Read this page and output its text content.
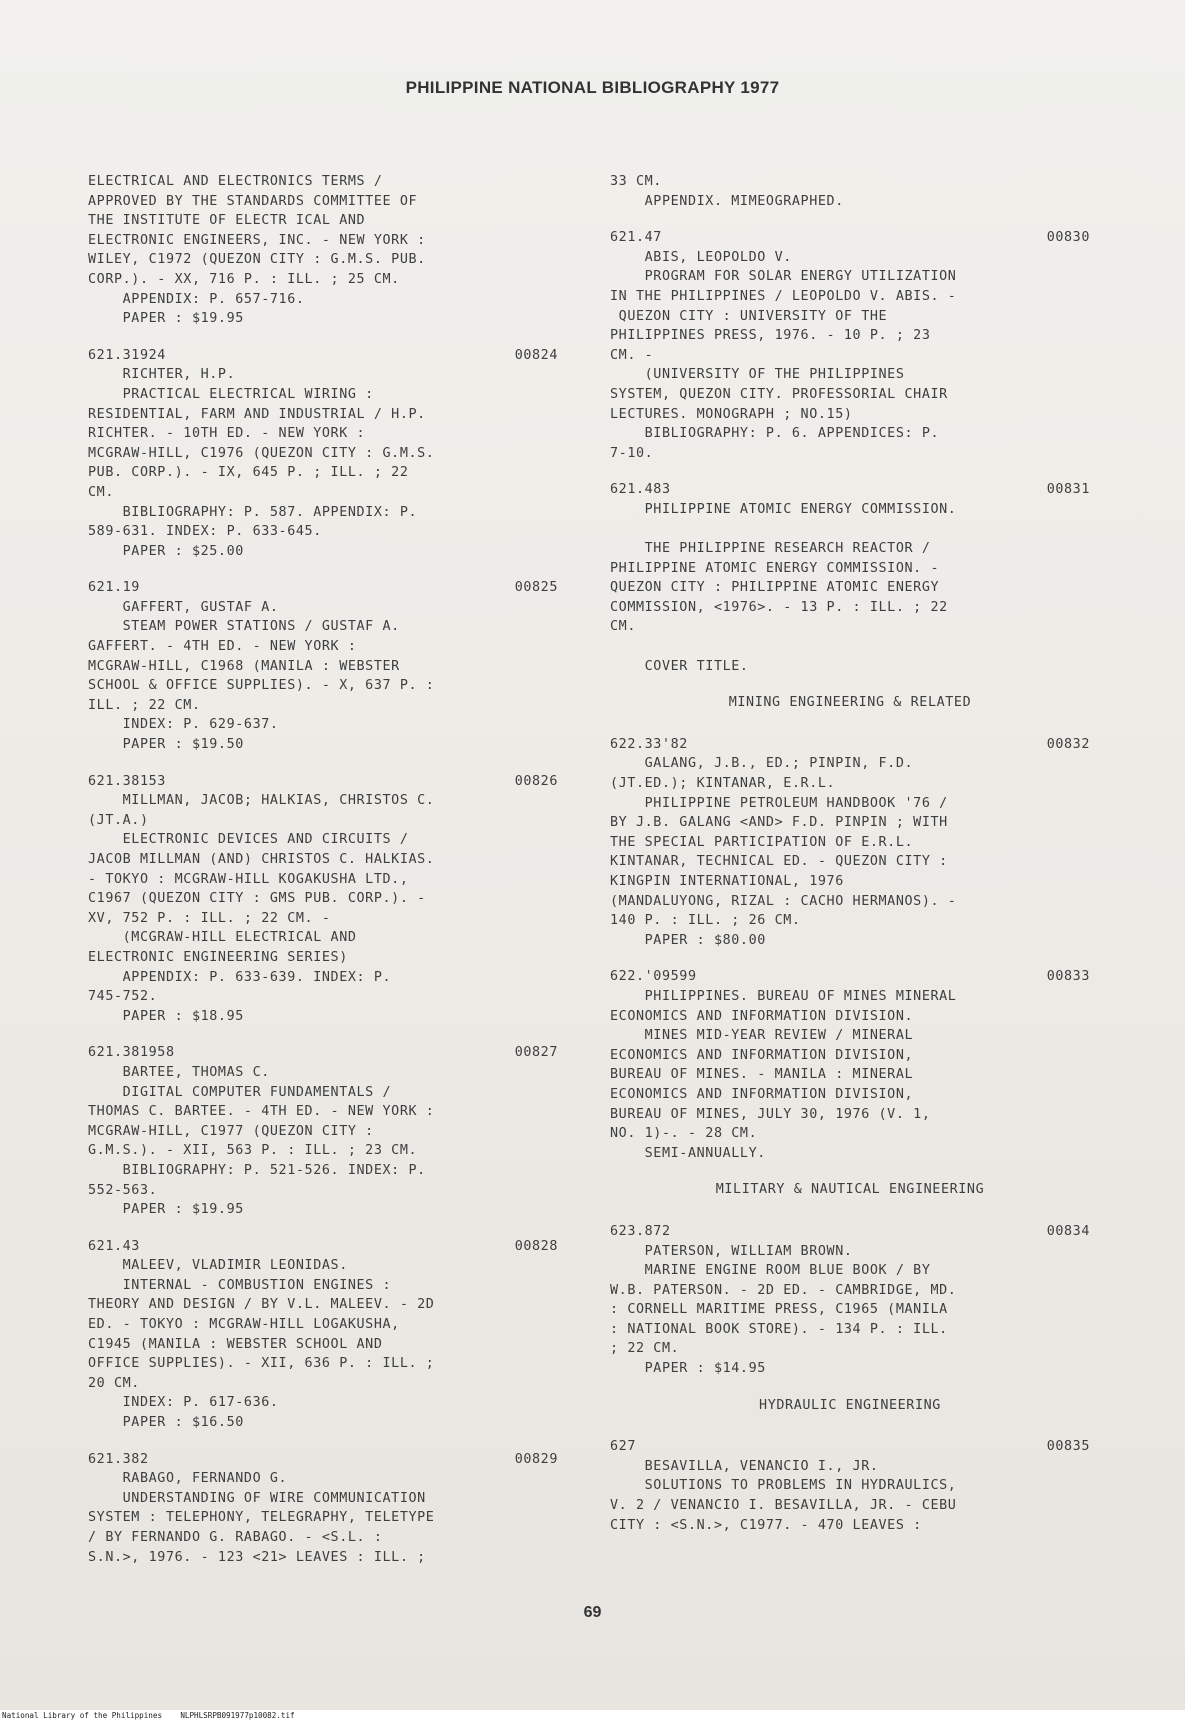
PHILIPPINE NATIONAL BIBLIOGRAPHY 1977
ELECTRICAL AND ELECTRONICS TERMS /
APPROVED BY THE STANDARDS COMMITTEE OF
THE INSTITUTE OF ELECTR ICAL AND
ELECTRONIC ENGINEERS, INC. - NEW YORK :
WILEY, C1972 (QUEZON CITY : G.M.S. PUB.
CORP.). - XX, 716 P. : ILL. ; 25 CM.
APPENDIX: P. 657-716.
PAPER : $19.95
621.31924	00824
RICHTER, H.P.
PRACTICAL ELECTRICAL WIRING :
RESIDENTIAL, FARM AND INDUSTRIAL / H.P.
RICHTER. - 10TH ED. - NEW YORK :
MCGRAW-HILL, C1976 (QUEZON CITY : G.M.S.
PUB. CORP.). - IX, 645 P. ; ILL. ; 22
CM.
BIBLIOGRAPHY: P. 587. APPENDIX: P.
589-631. INDEX: P. 633-645.
PAPER : $25.00
621.19	00825
GAFFERT, GUSTAF A.
STEAM POWER STATIONS / GUSTAF A.
GAFFERT. - 4TH ED. - NEW YORK :
MCGRAW-HILL, C1968 (MANILA : WEBSTER
SCHOOL & OFFICE SUPPLIES). - X, 637 P. :
ILL. ; 22 CM.
INDEX: P. 629-637.
PAPER : $19.50
621.38153	00826
MILLMAN, JACOB; HALKIAS, CHRISTOS C.
(JT.A.)
ELECTRONIC DEVICES AND CIRCUITS /
JACOB MILLMAN (AND) CHRISTOS C. HALKIAS.
- TOKYO : MCGRAW-HILL KOGAKUSHA LTD.,
C1967 (QUEZON CITY : GMS PUB. CORP.). -
XV, 752 P. : ILL. ; 22 CM. -
(MCGRAW-HILL ELECTRICAL AND
ELECTRONIC ENGINEERING SERIES)
APPENDIX: P. 633-639. INDEX: P.
745-752.
PAPER : $18.95
621.381958	00827
BARTEE, THOMAS C.
DIGITAL COMPUTER FUNDAMENTALS /
THOMAS C. BARTEE. - 4TH ED. - NEW YORK :
MCGRAW-HILL, C1977 (QUEZON CITY :
G.M.S.). - XII, 563 P. : ILL. ; 23 CM.
BIBLIOGRAPHY: P. 521-526. INDEX: P.
552-563.
PAPER : $19.95
621.43	00828
MALEEV, VLADIMIR LEONIDAS.
INTERNAL - COMBUSTION ENGINES :
THEORY AND DESIGN / BY V.L. MALEEV. - 2D
ED. - TOKYO : MCGRAW-HILL LOGAKUSHA,
C1945 (MANILA : WEBSTER SCHOOL AND
OFFICE SUPPLIES). - XII, 636 P. : ILL. ;
20 CM.
INDEX: P. 617-636.
PAPER : $16.50
621.382	00829
RABAGO, FERNANDO G.
UNDERSTANDING OF WIRE COMMUNICATION
SYSTEM : TELEPHONY, TELEGRAPHY, TELETYPE
/ BY FERNANDO G. RABAGO. - <S.L. :
S.N.>, 1976. - 123 <21> LEAVES : ILL. ;
33 CM.
APPENDIX. MIMEOGRAPHED.
621.47	00830
ABIS, LEOPOLDO V.
PROGRAM FOR SOLAR ENERGY UTILIZATION
IN THE PHILIPPINES / LEOPOLDO V. ABIS. -
QUEZON CITY : UNIVERSITY OF THE
PHILIPPINES PRESS, 1976. - 10 P. ; 23
CM. -
(UNIVERSITY OF THE PHILIPPINES
SYSTEM, QUEZON CITY. PROFESSORIAL CHAIR
LECTURES. MONOGRAPH ; NO.15)
BIBLIOGRAPHY: P. 6. APPENDICES: P.
7-10.
621.483	00831
PHILIPPINE ATOMIC ENERGY COMMISSION.

THE PHILIPPINE RESEARCH REACTOR /
PHILIPPINE ATOMIC ENERGY COMMISSION. -
QUEZON CITY : PHILIPPINE ATOMIC ENERGY
COMMISSION, <1976>. - 13 P. : ILL. ; 22
CM.

COVER TITLE.
MINING ENGINEERING & RELATED
622.33'82	00832
GALANG, J.B., ED.; PINPIN, F.D.
(JT.ED.); KINTANAR, E.R.L.
PHILIPPINE PETROLEUM HANDBOOK '76 /
BY J.B. GALANG <AND> F.D. PINPIN ; WITH
THE SPECIAL PARTICIPATION OF E.R.L.
KINTANAR, TECHNICAL ED. - QUEZON CITY :
KINGPIN INTERNATIONAL, 1976
(MANDALUYONG, RIZAL : CACHO HERMANOS). -
140 P. : ILL. ; 26 CM.
PAPER : $80.00
622.'09599	00833
PHILIPPINES. BUREAU OF MINES MINERAL
ECONOMICS AND INFORMATION DIVISION.
MINES MID-YEAR REVIEW / MINERAL
ECONOMICS AND INFORMATION DIVISION,
BUREAU OF MINES. - MANILA : MINERAL
ECONOMICS AND INFORMATION DIVISION,
BUREAU OF MINES, JULY 30, 1976 (V. 1,
NO. 1)-. - 28 CM.
SEMI-ANNUALLY.
MILITARY & NAUTICAL ENGINEERING
623.872	00834
PATERSON, WILLIAM BROWN.
MARINE ENGINE ROOM BLUE BOOK / BY
W.B. PATERSON. - 2D ED. - CAMBRIDGE, MD.
: CORNELL MARITIME PRESS, C1965 (MANILA
: NATIONAL BOOK STORE). - 134 P. : ILL.
; 22 CM.
PAPER : $14.95
HYDRAULIC ENGINEERING
627	00835
BESAVILLA, VENANCIO I., JR.
SOLUTIONS TO PROBLEMS IN HYDRAULICS,
V. 2 / VENANCIO I. BESAVILLA, JR. - CEBU
CITY : <S.N.>, C1977. - 470 LEAVES :
69
National Library of the Philippines NLPHLSRPB091977p10082.tif
